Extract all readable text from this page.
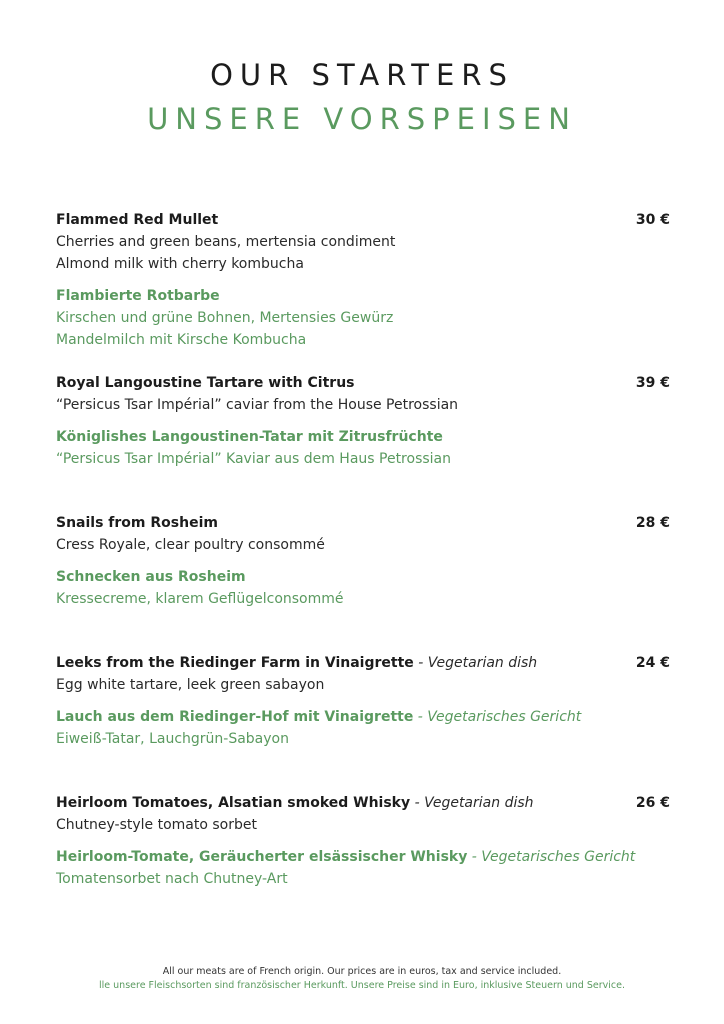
OUR STARTERS
UNSERE VORSPEISEN
Flammed Red Mullet	30 €
Cherries and green beans, mertensia condiment
Almond milk with cherry kombucha
Flambierte Rotbarbe
Kirschen und grüne Bohnen, Mertensies Gewürz
Mandelmilch mit Kirsche Kombucha
Royal Langoustine Tartare with Citrus	39 €
“Persicus Tsar Impérial” caviar from the House Petrossian
Königlishes Langoustinen-Tatar mit Zitrusfrüchte
“Persicus Tsar Impérial” Kaviar aus dem Haus Petrossian
Snails from Rosheim	28 €
Cress Royale, clear poultry consommé
Schnecken aus Rosheim
Kressecreme, klarem Geflügelconsommé
Leeks from the Riedinger Farm in Vinaigrette - Vegetarian dish	24 €
Egg white tartare, leek green sabayon
Lauch aus dem Riedinger-Hof mit Vinaigrette - Vegetarisches Gericht
Eiweiß-Tatar, Lauchgrün-Sabayon
Heirloom Tomatoes, Alsatian smoked Whisky - Vegetarian dish	26 €
Chutney-style tomato sorbet
Heirloom-Tomate, Geräucherter elsässischer Whisky - Vegetarisches Gericht
Tomatensorbet nach Chutney-Art
All our meats are of French origin. Our prices are in euros, tax and service included.
lle unsere Fleischsorten sind französischer Herkunft. Unsere Preise sind in Euro, inklusive Steuern und Service.
